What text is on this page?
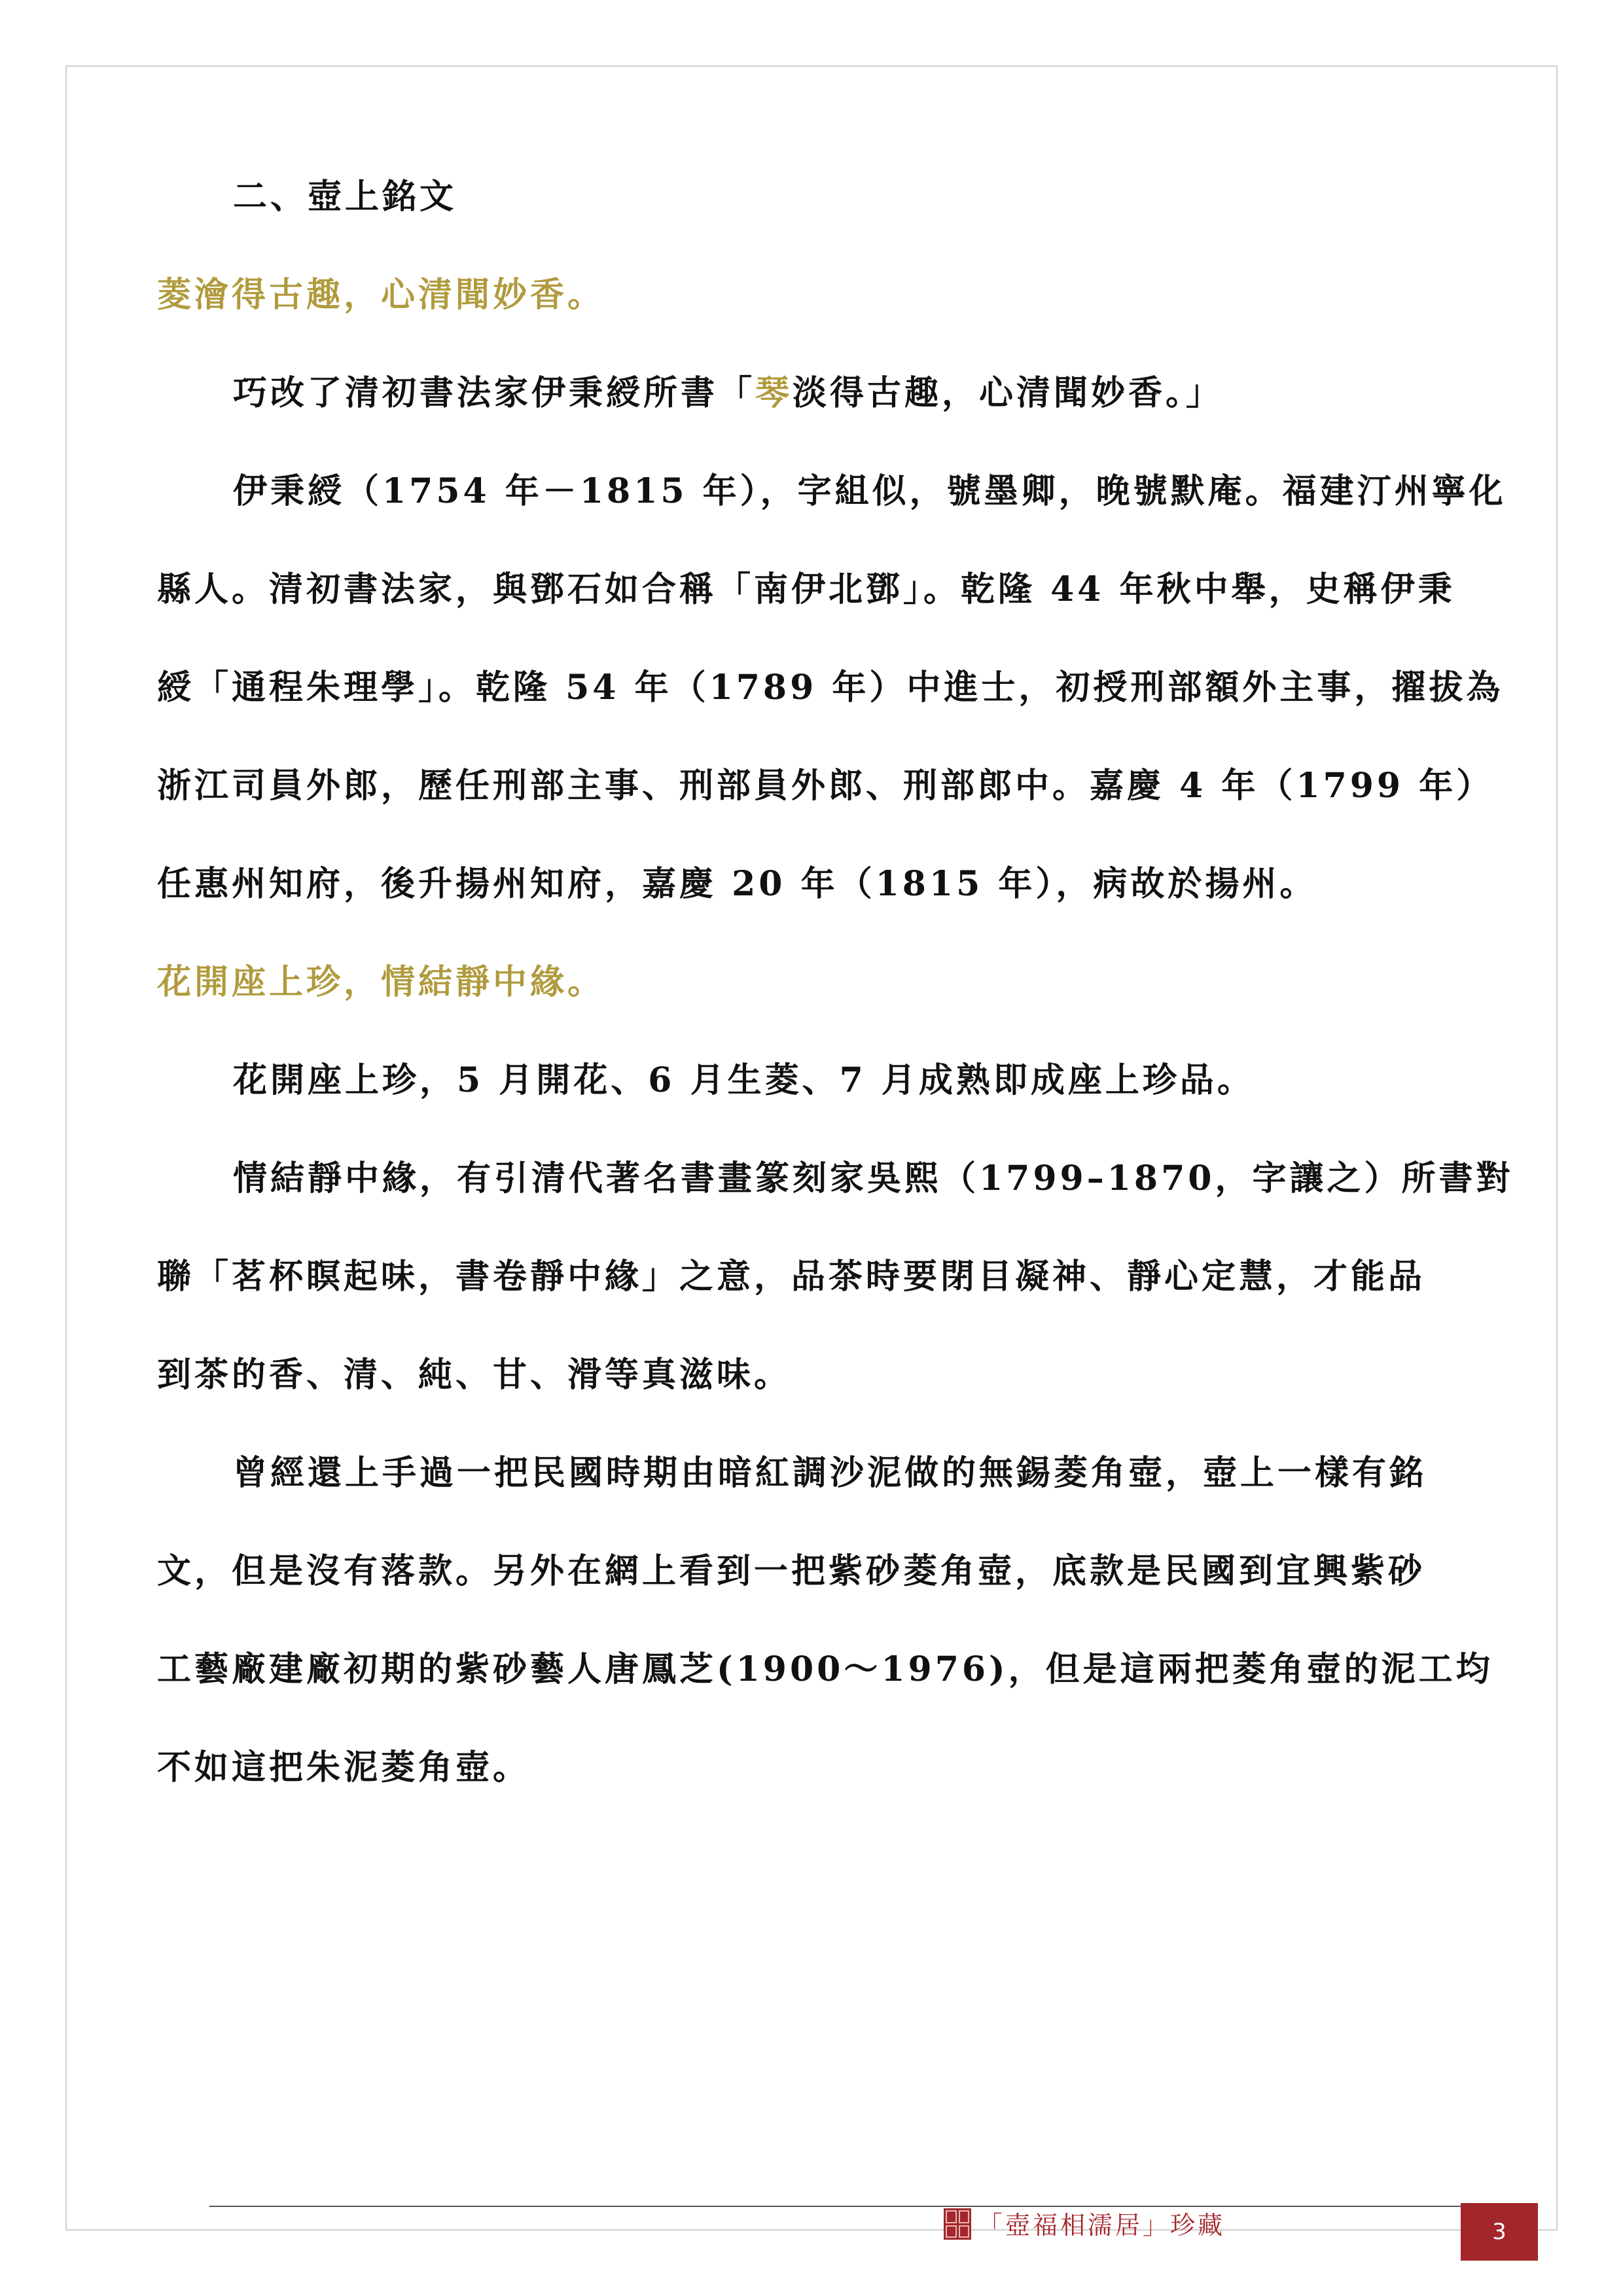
二、壺上銘文
菱澮得古趣，心清聞妙香。
巧改了清初書法家伊秉綬所書「琴淡得古趣，心清聞妙香。」
伊秉綬（1754 年－1815 年），字組似，號墨卿，晚號默庵。福建汀州寧化
縣人。清初書法家，與鄧石如合稱「南伊北鄧」。乾隆 44 年秋中舉，史稱伊秉
綬「通程朱理學」。乾隆 54 年（1789 年）中進士，初授刑部額外主事，擢拔為
浙江司員外郎，歷任刑部主事、刑部員外郎、刑部郎中。嘉慶 4 年（1799 年）
任惠州知府，後升揚州知府，嘉慶 20 年（1815 年），病故於揚州。
花開座上珍，情結靜中緣。
花開座上珍，5 月開花、6 月生菱、7 月成熟即成座上珍品。
情結靜中緣，有引清代著名書畫篆刻家吳熙（1799–1870，字讓之）所書對
聯「茗杯瞑起味，書卷靜中緣」之意，品茶時要閉目凝神、靜心定慧，才能品
到茶的香、清、純、甘、滑等真滋味。
曾經還上手過一把民國時期由暗紅調沙泥做的無錫菱角壺，壺上一樣有銘
文，但是沒有落款。另外在網上看到一把紫砂菱角壺，底款是民國到宜興紫砂
工藝廠建廠初期的紫砂藝人唐鳳芝(1900～1976)，但是這兩把菱角壺的泥工均
不如這把朱泥菱角壺。
「壺福相濡居」珍藏	3
